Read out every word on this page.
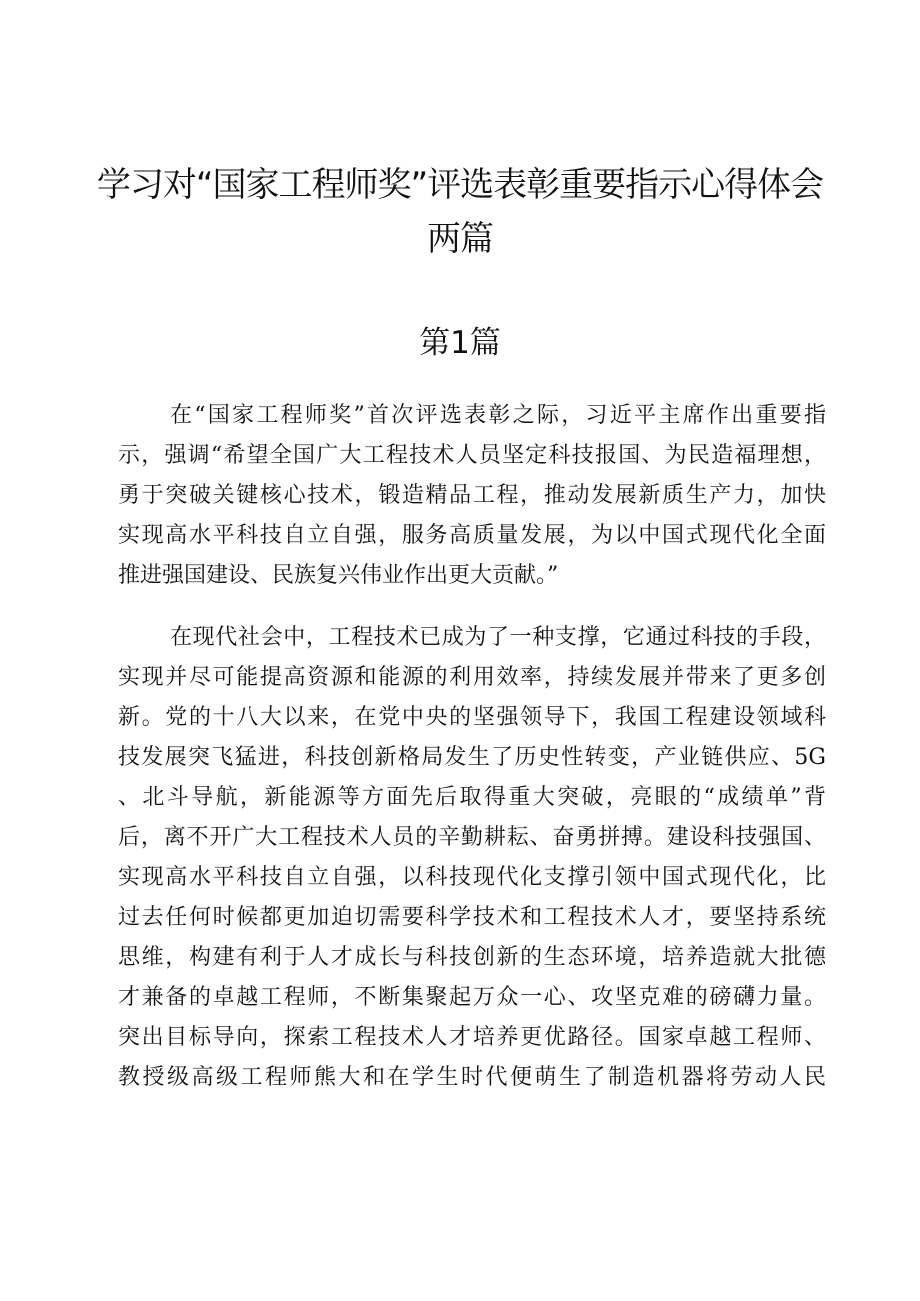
学习对“国家工程师奖”评选表彰重要指示心得体会
两篇
第1篇
在“国家工程师奖”首次评选表彰之际，习近平主席作出重要指
示，强调“希望全国广大工程技术人员坚定科技报国、为民造福理想，
勇于突破关键核心技术，锻造精品工程，推动发展新质生产力，加快
实现高水平科技自立自强，服务高质量发展，为以中国式现代化全面
推进强国建设、民族复兴伟业作出更大贡献。”
在现代社会中，工程技术已成为了一种支撑，它通过科技的手段，
实现并尽可能提高资源和能源的利用效率，持续发展并带来了更多创
新。党的十八大以来，在党中央的坚强领导下，我国工程建设领域科
技发展突飞猛进，科技创新格局发生了历史性转变，产业链供应、5G
、北斗导航，新能源等方面先后取得重大突破，亮眼的“成绩单”背
后，离不开广大工程技术人员的辛勤耕耘、奋勇拼搏。建设科技强国、
实现高水平科技自立自强，以科技现代化支撑引领中国式现代化，比
过去任何时候都更加迫切需要科学技术和工程技术人才，要坚持系统
思维，构建有利于人才成长与科技创新的生态环境，培养造就大批德
才兼备的卓越工程师，不断集聚起万众一心、攻坚克难的磅礴力量。
突出目标导向，探索工程技术人才培养更优路径。国家卓越工程师、
教授级高级工程师熊大和在学生时代便萌生了制造机器将劳动人民
